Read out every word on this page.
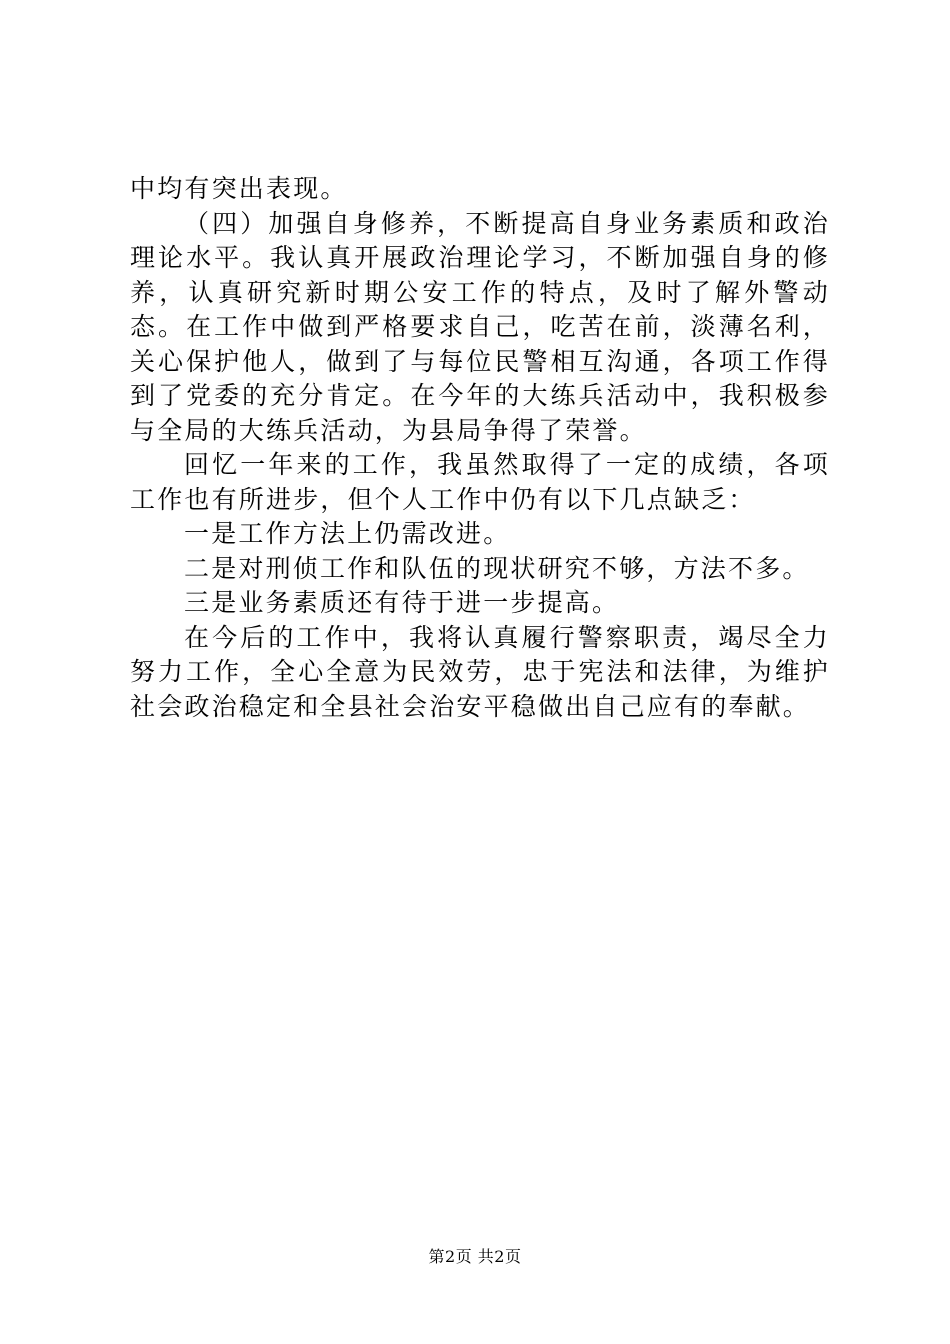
中均有突出表现。

（四）加强自身修养，不断提高自身业务素质和政治理论水平。我认真开展政治理论学习，不断加强自身的修养，认真研究新时期公安工作的特点，及时了解外警动态。在工作中做到严格要求自己，吃苦在前，淡薄名利，关心保护他人，做到了与每位民警相互沟通，各项工作得到了党委的充分肯定。在今年的大练兵活动中，我积极参与全局的大练兵活动，为县局争得了荣誉。

回忆一年来的工作，我虽然取得了一定的成绩，各项工作也有所进步，但个人工作中仍有以下几点缺乏：

一是工作方法上仍需改进。

二是对刑侦工作和队伍的现状研究不够，方法不多。

三是业务素质还有待于进一步提高。

在今后的工作中，我将认真履行警察职责，竭尽全力努力工作，全心全意为民效劳，忠于宪法和法律，为维护社会政治稳定和全县社会治安平稳做出自己应有的奉献。

第2页 共2页
